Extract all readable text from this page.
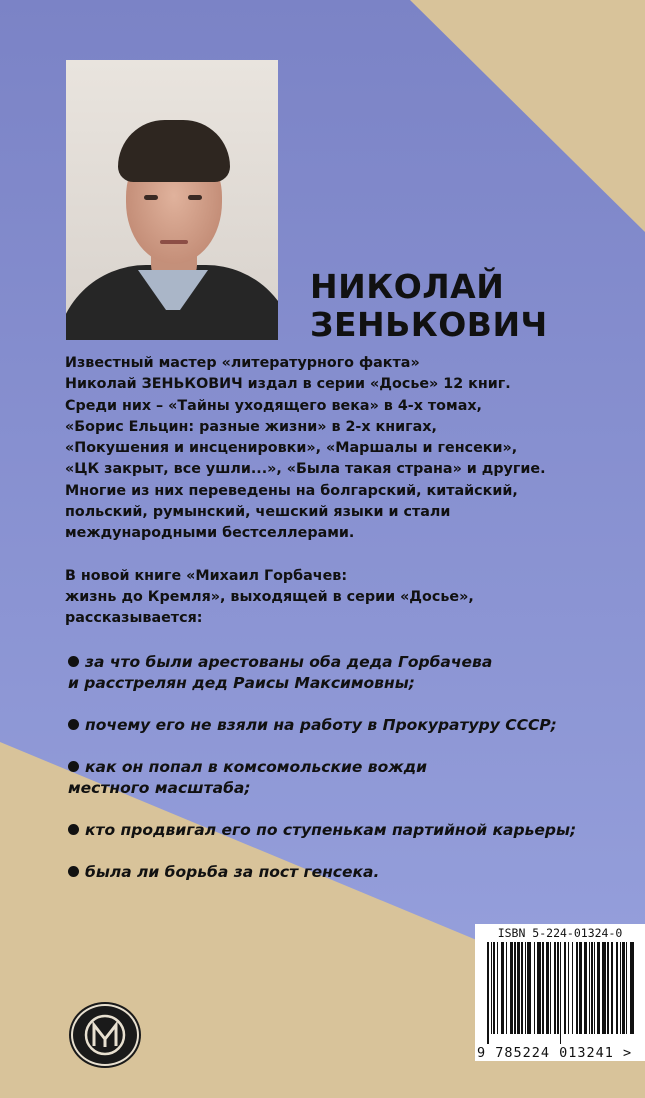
НИКОЛАЙ
ЗЕНЬКОВИЧ

Известный мастер «литературного факта»
Николай ЗЕНЬКОВИЧ издал в серии «Досье» 12 книг.
Среди них – «Тайны уходящего века» в 4-х томах,
«Борис Ельцин: разные жизни» в 2-х книгах,
«Покушения и инсценировки», «Маршалы и генсеки»,
«ЦК закрыт, все ушли...», «Была такая страна» и другие.
Многие из них переведены на болгарский, китайский,
польский, румынский, чешский языки и стали
международными бестселлерами.

В новой книге «Михаил Горбачев:
жизнь до Кремля», выходящей в серии «Досье»,
рассказывается:

за что были арестованы оба деда Горбачева
и расстрелян дед Раисы Максимовны;
почему его не взяли на работу в Прокуратуру СССР;
как он попал в комсомольские вожди
местного масштаба;
кто продвигал его по ступенькам партийной карьеры;
была ли борьба за пост генсека.
ISBN 5-224-01324-0
9 785224 013241 >
